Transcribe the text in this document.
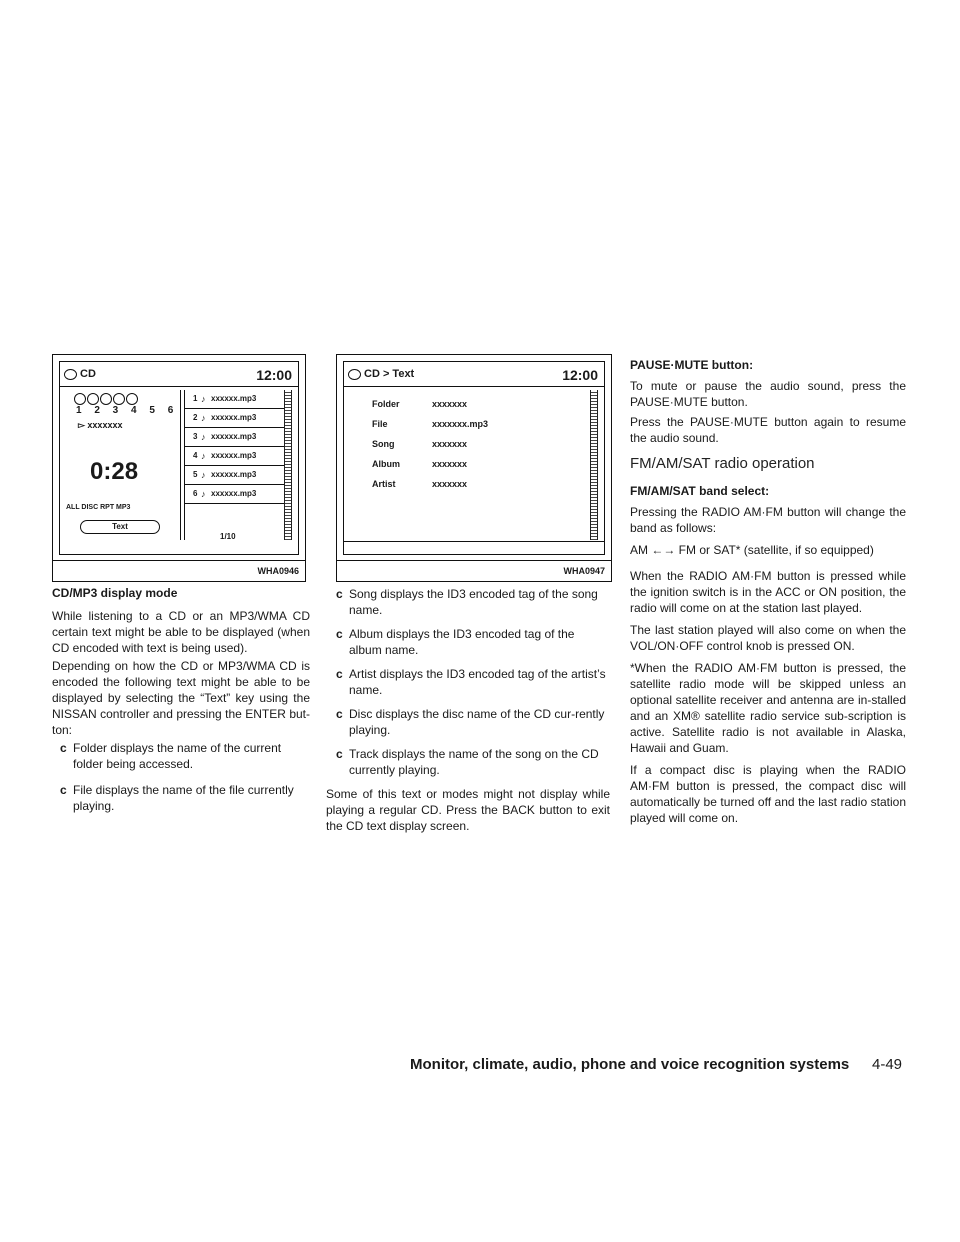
CD	12:00
1 2 3 4 5 6
▻ xxxxxxx
0:28
ALL DISC RPT MP3
Text
1 ♪ xxxxxx.mp3
2 ♪ xxxxxx.mp3
3 ♪ xxxxxx.mp3
4 ♪ xxxxxx.mp3
5 ♪ xxxxxx.mp3
6 ♪ xxxxxx.mp3
1/10
WHA0946
CD > Text	12:00
Folder	xxxxxxx
File	xxxxxxx.mp3
Song	xxxxxxx
Album	xxxxxxx
Artist	xxxxxxx
WHA0947
CD/MP3 display mode

While listening to a CD or an MP3/WMA CD certain text might be able to be displayed (when CD encoded with text is being used).

Depending on how the CD or MP3/WMA CD is encoded the following text might be able to be displayed by selecting the “Text” key using the NISSAN controller and pressing the ENTER but-ton:

c Folder displays the name of the current folder being accessed.
c File displays the name of the file currently playing.
c Song displays the ID3 encoded tag of the song name.
c Album displays the ID3 encoded tag of the album name.
c Artist displays the ID3 encoded tag of the artist’s name.
c Disc displays the disc name of the CD cur-rently playing.
c Track displays the name of the song on the CD currently playing.

Some of this text or modes might not display while playing a regular CD. Press the BACK button to exit the CD text display screen.

PAUSE·MUTE button:

To mute or pause the audio sound, press the PAUSE·MUTE button.

Press the PAUSE·MUTE button again to resume the audio sound.

FM/AM/SAT radio operation
FM/AM/SAT band select:

Pressing the RADIO AM·FM button will change the band as follows:

AM ←→ FM or SAT* (satellite, if so equipped)

When the RADIO AM·FM button is pressed while the ignition switch is in the ACC or ON position, the radio will come on at the station last played.

The last station played will also come on when the VOL/ON·OFF control knob is pressed ON.

*When the RADIO AM·FM button is pressed, the satellite radio mode will be skipped unless an optional satellite receiver and antenna are in-stalled and an XM® satellite radio service sub-scription is active. Satellite radio is not available in Alaska, Hawaii and Guam.

If a compact disc is playing when the RADIO AM·FM button is pressed, the compact disc will automatically be turned off and the last radio station played will come on.

Monitor, climate, audio, phone and voice recognition systems 4-49
